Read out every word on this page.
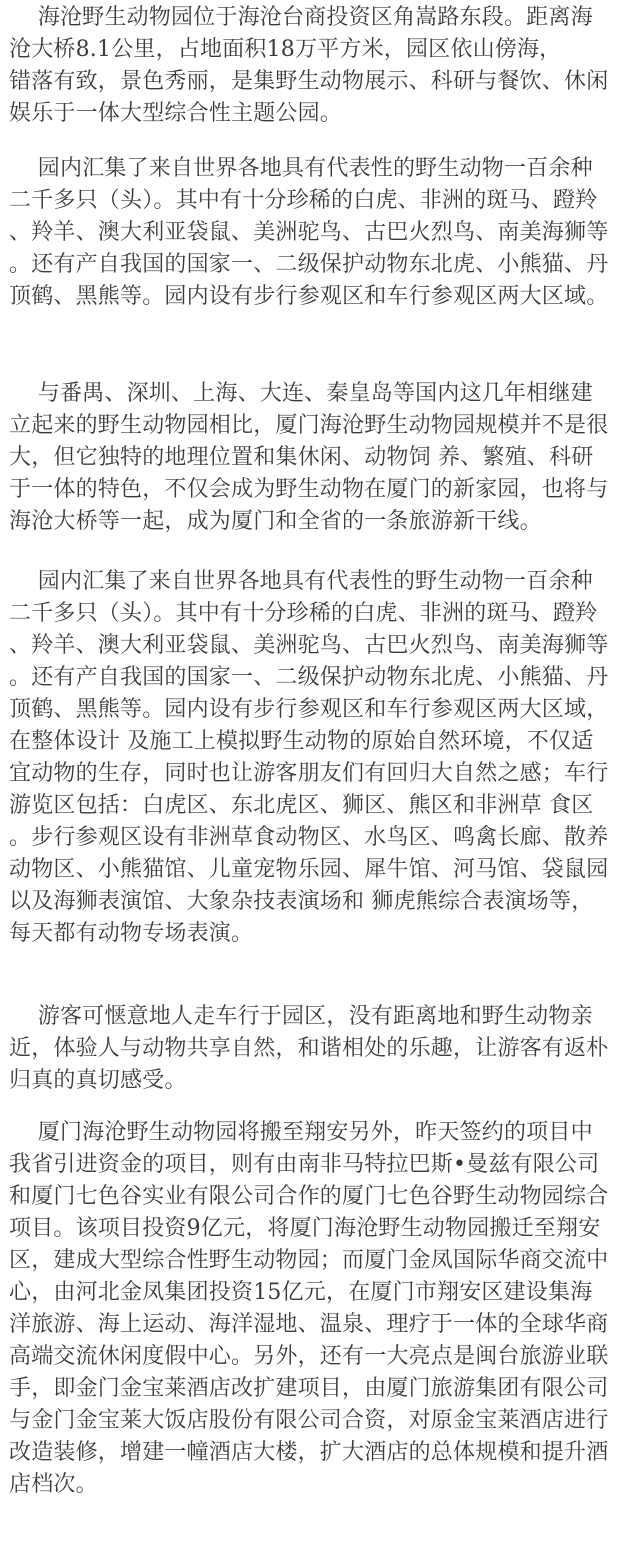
海沧野生动物园位于海沧台商投资区角嵩路东段。距离海
沧大桥8.1公里，占地面积18万平方米，园区依山傍海，
错落有致，景色秀丽，是集野生动物展示、科研与餐饮、休闲
娱乐于一体大型综合性主题公园。
园内汇集了来自世界各地具有代表性的野生动物一百余种
二千多只（头）。其中有十分珍稀的白虎、非洲的斑马、蹬羚
、羚羊、澳大利亚袋鼠、美洲驼鸟、古巴火烈鸟、南美海狮等
。还有产自我国的国家一、二级保护动物东北虎、小熊猫、丹
顶鹤、黑熊等。园内设有步行参观区和车行参观区两大区域。
与番禺、深圳、上海、大连、秦皇岛等国内这几年相继建
立起来的野生动物园相比，厦门海沧野生动物园规模并不是很
大，但它独特的地理位置和集休闲、动物饲 养、繁殖、科研
于一体的特色，不仅会成为野生动物在厦门的新家园，也将与
海沧大桥等一起，成为厦门和全省的一条旅游新干线。
园内汇集了来自世界各地具有代表性的野生动物一百余种
二千多只（头）。其中有十分珍稀的白虎、非洲的斑马、蹬羚
、羚羊、澳大利亚袋鼠、美洲驼鸟、古巴火烈鸟、南美海狮等
。还有产自我国的国家一、二级保护动物东北虎、小熊猫、丹
顶鹤、黑熊等。园内设有步行参观区和车行参观区两大区域，
在整体设计 及施工上模拟野生动物的原始自然环境，不仅适
宜动物的生存，同时也让游客朋友们有回归大自然之感；车行
游览区包括：白虎区、东北虎区、狮区、熊区和非洲草 食区
。步行参观区设有非洲草食动物区、水鸟区、鸣禽长廊、散养
动物区、小熊猫馆、儿童宠物乐园、犀牛馆、河马馆、袋鼠园
以及海狮表演馆、大象杂技表演场和 狮虎熊综合表演场等，
每天都有动物专场表演。
游客可惬意地人走车行于园区，没有距离地和野生动物亲
近，体验人与动物共享自然，和谐相处的乐趣，让游客有返朴
归真的真切感受。
厦门海沧野生动物园将搬至翔安另外，昨天签约的项目中
我省引进资金的项目，则有由南非马特拉巴斯•曼兹有限公司
和厦门七色谷实业有限公司合作的厦门七色谷野生动物园综合
项目。该项目投资9亿元，将厦门海沧野生动物园搬迁至翔安
区，建成大型综合性野生动物园；而厦门金凤国际华商交流中
心，由河北金凤集团投资15亿元，在厦门市翔安区建设集海
洋旅游、海上运动、海洋湿地、温泉、理疗于一体的全球华商
高端交流休闲度假中心。另外，还有一大亮点是闽台旅游业联
手，即金门金宝莱酒店改扩建项目，由厦门旅游集团有限公司
与金门金宝莱大饭店股份有限公司合资，对原金宝莱酒店进行
改造装修，增建一幢酒店大楼，扩大酒店的总体规模和提升酒
店档次。
